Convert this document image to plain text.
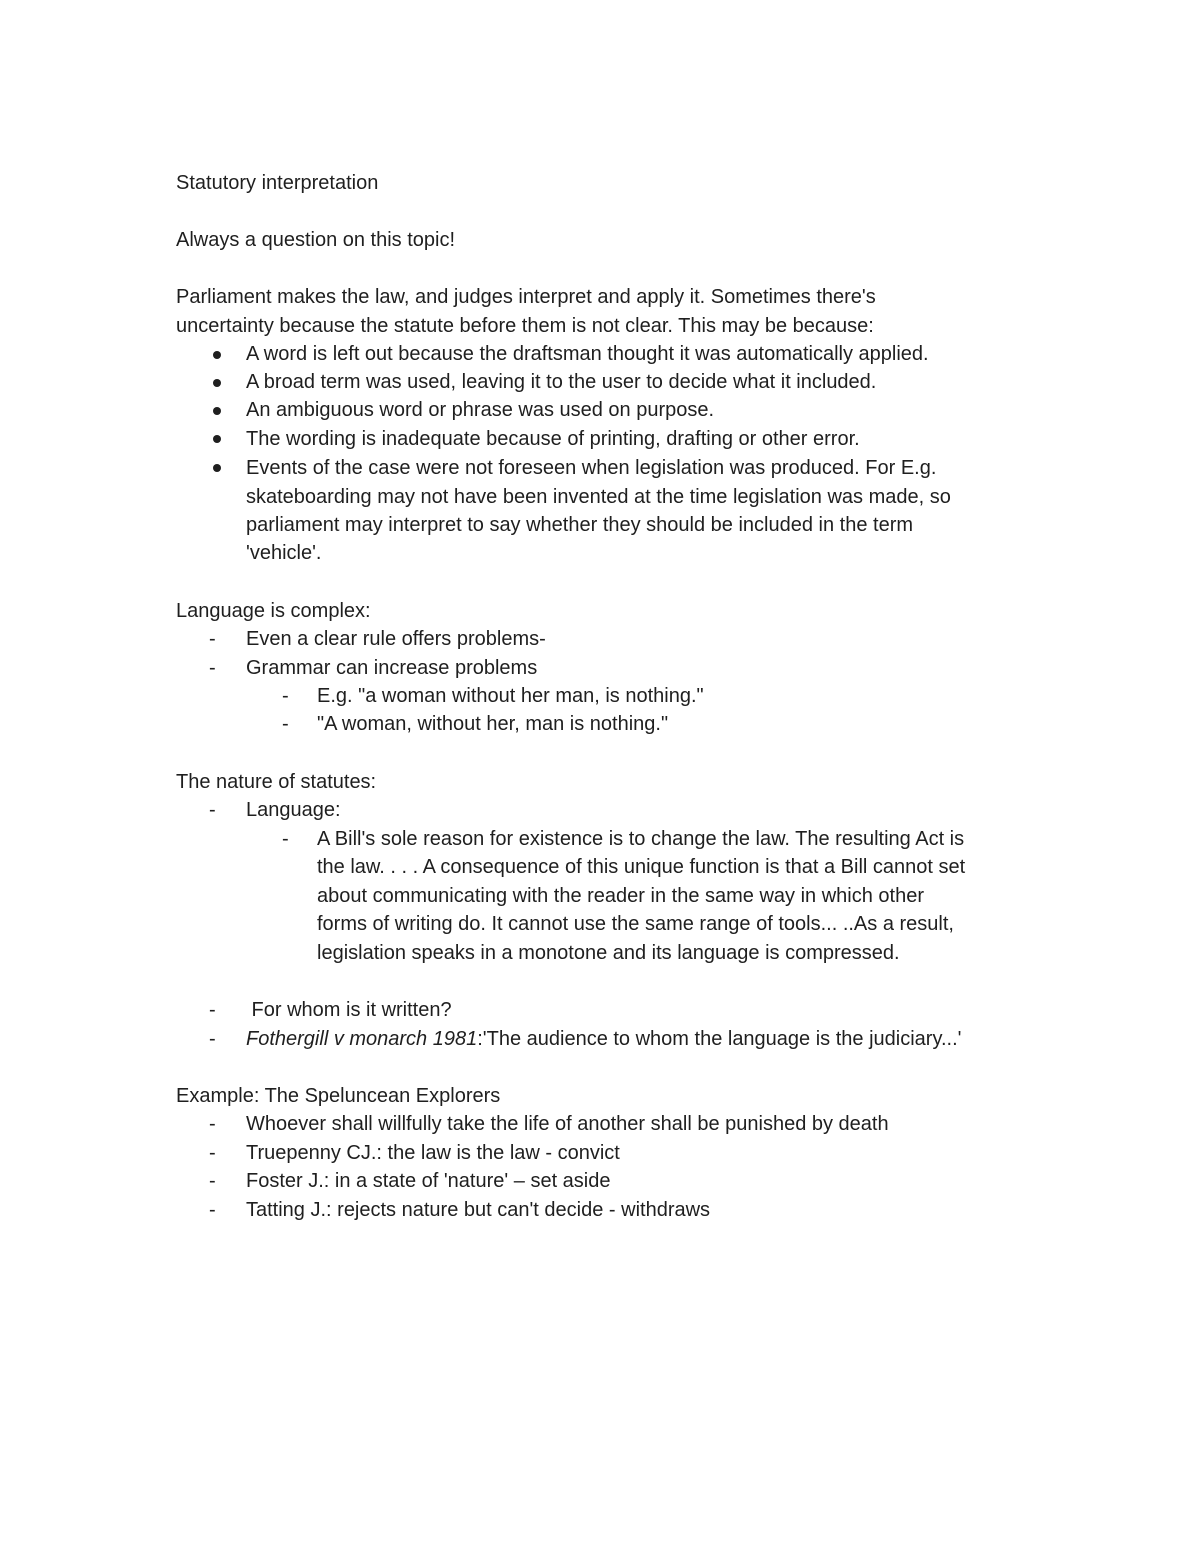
Statutory interpretation
Always a question on this topic!
Parliament makes the law, and judges interpret and apply it. Sometimes there's
uncertainty because the statute before them is not clear. This may be because:
A word is left out because the draftsman thought it was automatically applied.
A broad term was used, leaving it to the user to decide what it included.
An ambiguous word or phrase was used on purpose.
The wording is inadequate because of printing, drafting or other error.
Events of the case were not foreseen when legislation was produced. For E.g.
skateboarding may not have been invented at the time legislation was made, so
parliament may interpret to say whether they should be included in the term
'vehicle'.
Language is complex:
- Even a clear rule offers problems-
- Grammar can increase problems
- E.g. "a woman without her man, is nothing."
- "A woman, without her, man is nothing."
The nature of statutes:
- Language:
- A Bill's sole reason for existence is to change the law. The resulting Act is
the law. . . . A consequence of this unique function is that a Bill cannot set
about communicating with the reader in the same way in which other
forms of writing do. It cannot use the same range of tools... ..As a result,
legislation speaks in a monotone and its language is compressed.
- For whom is it written?
- Fothergill v monarch 1981:'The audience to whom the language is the judiciary...'
Example: The Speluncean Explorers
- Whoever shall willfully take the life of another shall be punished by death
- Truepenny CJ.: the law is the law - convict
- Foster J.: in a state of 'nature' – set aside
- Tatting J.: rejects nature but can't decide - withdraws
